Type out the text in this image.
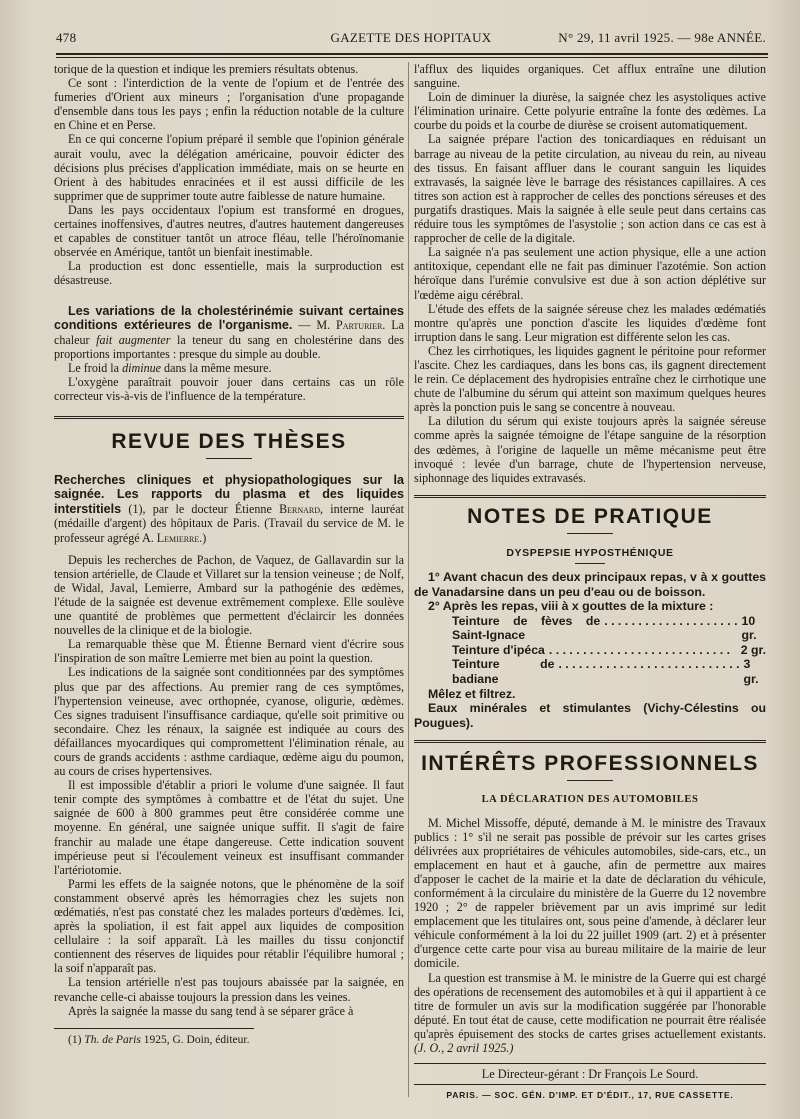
478	GAZETTE DES HOPITAUX	N° 29, 11 avril 1925. — 98e ANNÉE.

torique de la question et indique les premiers résultats obtenus.

Ce sont : l'interdiction de la vente de l'opium et de l'entrée des fumeries d'Orient aux mineurs ; l'organisation d'une propagande d'ensemble dans tous les pays ; enfin la réduction notable de la culture en Chine et en Perse.

En ce qui concerne l'opium préparé il semble que l'opinion générale aurait voulu, avec la délégation américaine, pouvoir édicter des décisions plus précises d'application immédiate, mais on se heurte en Orient à des habitudes enracinées et il est aussi difficile de les supprimer que de supprimer toute autre faiblesse de nature humaine.

Dans les pays occidentaux l'opium est transformé en drogues, certaines inoffensives, d'autres neutres, d'autres hautement dangereuses et capables de constituer tantôt un atroce fléau, telle l'héroïnomanie observée en Amérique, tantôt un bienfait inestimable.

La production est donc essentielle, mais la surproduction est désastreuse.

Les variations de la cholestérinémie suivant certaines conditions extérieures de l'organisme. — M. Parturier. La chaleur fait augmenter la teneur du sang en cholestérine dans des proportions importantes : presque du simple au double.

Le froid la diminue dans la même mesure.

L'oxygène paraîtrait pouvoir jouer dans certains cas un rôle correcteur vis-à-vis de l'influence de la température.

REVUE DES THÈSES

Recherches cliniques et physiopathologiques sur la saignée. Les rapports du plasma et des liquides interstitiels (1), par le docteur Étienne Bernard, interne lauréat (médaille d'argent) des hôpitaux de Paris. (Travail du service de M. le professeur agrégé A. Lemierre.)

Depuis les recherches de Pachon, de Vaquez, de Gallavardin sur la tension artérielle, de Claude et Villaret sur la tension veineuse ; de Nolf, de Widal, Javal, Lemierre, Ambard sur la pathogénie des œdèmes, l'étude de la saignée est devenue extrêmement complexe. Elle soulève une quantité de problèmes que permettent d'éclaircir les données nouvelles de la clinique et de la biologie.

La remarquable thèse que M. Étienne Bernard vient d'écrire sous l'inspiration de son maître Lemierre met bien au point la question.

Les indications de la saignée sont conditionnées par des symptômes plus que par des affections. Au premier rang de ces symptômes, l'hypertension veineuse, avec orthopnée, cyanose, oligurie, œdèmes. Ces signes traduisent l'insuffisance cardiaque, qu'elle soit primitive ou secondaire. Chez les rénaux, la saignée est indiquée au cours des défaillances myocardiques qui compromettent l'élimination rénale, au cours de grands accidents : asthme cardiaque, œdème aigu du poumon, au cours de crises hypertensives.

Il est impossible d'établir a priori le volume d'une saignée. Il faut tenir compte des symptômes à combattre et de l'état du sujet. Une saignée de 600 à 800 grammes peut être considérée comme une moyenne. En général, une saignée unique suffit. Il s'agit de faire franchir au malade une étape dangereuse. Cette indication souvent impérieuse peut si l'écoulement veineux est insuffisant commander l'artériotomie.

Parmi les effets de la saignée notons, que le phénomène de la soif constamment observé après les hémorragies chez les sujets non œdématiés, n'est pas constaté chez les malades porteurs d'œdèmes. Ici, après la spoliation, il est fait appel aux liquides de composition cellulaire : la soif apparaît. Là les mailles du tissu conjonctif contiennent des réserves de liquides pour rétablir l'équilibre humoral ; la soif n'apparaît pas.

La tension artérielle n'est pas toujours abaissée par la saignée, en revanche celle-ci abaisse toujours la pression dans les veines.

Après la saignée la masse du sang tend à se séparer grâce à

(1) Th. de Paris 1925, G. Doin, éditeur.

l'afflux des liquides organiques. Cet afflux entraîne une dilution sanguine.

Loin de diminuer la diurèse, la saignée chez les asystoliques active l'élimination urinaire. Cette polyurie entraîne la fonte des œdèmes. La courbe du poids et la courbe de diurèse se croisent automatiquement.

La saignée prépare l'action des tonicardiaques en réduisant un barrage au niveau de la petite circulation, au niveau du rein, au niveau des tissus. En faisant affluer dans le courant sanguin les liquides extravasés, la saignée lève le barrage des résistances capillaires. A ces titres son action est à rapprocher de celles des ponctions séreuses et des purgatifs drastiques. Mais la saignée à elle seule peut dans certains cas réduire tous les symptômes de l'asystolie ; son action dans ce cas est à rapprocher de celle de la digitale.

La saignée n'a pas seulement une action physique, elle a une action antitoxique, cependant elle ne fait pas diminuer l'azotémie. Son action héroïque dans l'urémie convulsive est due à son action déplétive sur l'œdème aigu cérébral.

L'étude des effets de la saignée séreuse chez les malades œdématiés montre qu'après une ponction d'ascite les liquides d'œdème font irruption dans le sang. Leur migration est différente selon les cas.

Chez les cirrhotiques, les liquides gagnent le péritoine pour reformer l'ascite. Chez les cardiaques, dans les bons cas, ils gagnent directement le rein. Ce déplacement des hydropisies entraîne chez le cirrhotique une chute de l'albumine du sérum qui atteint son maximum quelques heures après la ponction puis le sang se concentre à nouveau.

La dilution du sérum qui existe toujours après la saignée séreuse comme après la saignée témoigne de l'étape sanguine de la résorption des œdèmes, à l'origine de laquelle un même mécanisme peut être invoqué : levée d'un barrage, chute de l'hypertension nerveuse, siphonnage des liquides extravasés.

NOTES DE PRATIQUE
DYSPEPSIE HYPOSTHÉNIQUE

1° Avant chacun des deux principaux repas, v à x gouttes de Vanadarsine dans un peu d'eau ou de boisson.

2° Après les repas, viii à x gouttes de la mixture :

Teinture de fèves de Saint-Ignace
. . . . . . . . . . . . . . . . . . . . 10 gr.
Teinture d'ipéca . . . . . . . . . . . . . . . . . . . . . . . . . . . 2 gr.
Teinture de badiane
. . . . . . . . . . . . . . . . . . . . . . . . . . . 3 gr.

Mêlez et filtrez.

Eaux minérales et stimulantes (Vichy-Célestins ou Pougues).

INTÉRÊTS PROFESSIONNELS
LA DÉCLARATION DES AUTOMOBILES

M. Michel Missoffe, député, demande à M. le ministre des Travaux publics : 1° s'il ne serait pas possible de prévoir sur les cartes grises délivrées aux propriétaires de véhicules automobiles, side-cars, etc., un emplacement en haut et à gauche, afin de permettre aux maires d'apposer le cachet de la mairie et la date de déclaration du véhicule, conformément à la circulaire du ministère de la Guerre du 12 novembre 1920 ; 2° de rappeler brièvement par un avis imprimé sur ledit emplacement que les titulaires ont, sous peine d'amende, à déclarer leur véhicule conformément à la loi du 22 juillet 1909 (art. 2) et à présenter d'urgence cette carte pour visa au bureau militaire de la mairie de leur domicile.

La question est transmise à M. le ministre de la Guerre qui est chargé des opérations de recensement des automobiles et à qui il appartient à ce titre de formuler un avis sur la modification suggérée par l'honorable député. En tout état de cause, cette modification ne pourrait être réalisée qu'après épuisement des stocks de cartes grises actuellement existants. (J. O., 2 avril 1925.)

Le Directeur-gérant : Dr François Le Sourd.
PARIS. — SOC. GÉN. D'IMP. ET D'ÉDIT., 17, RUE CASSETTE.
